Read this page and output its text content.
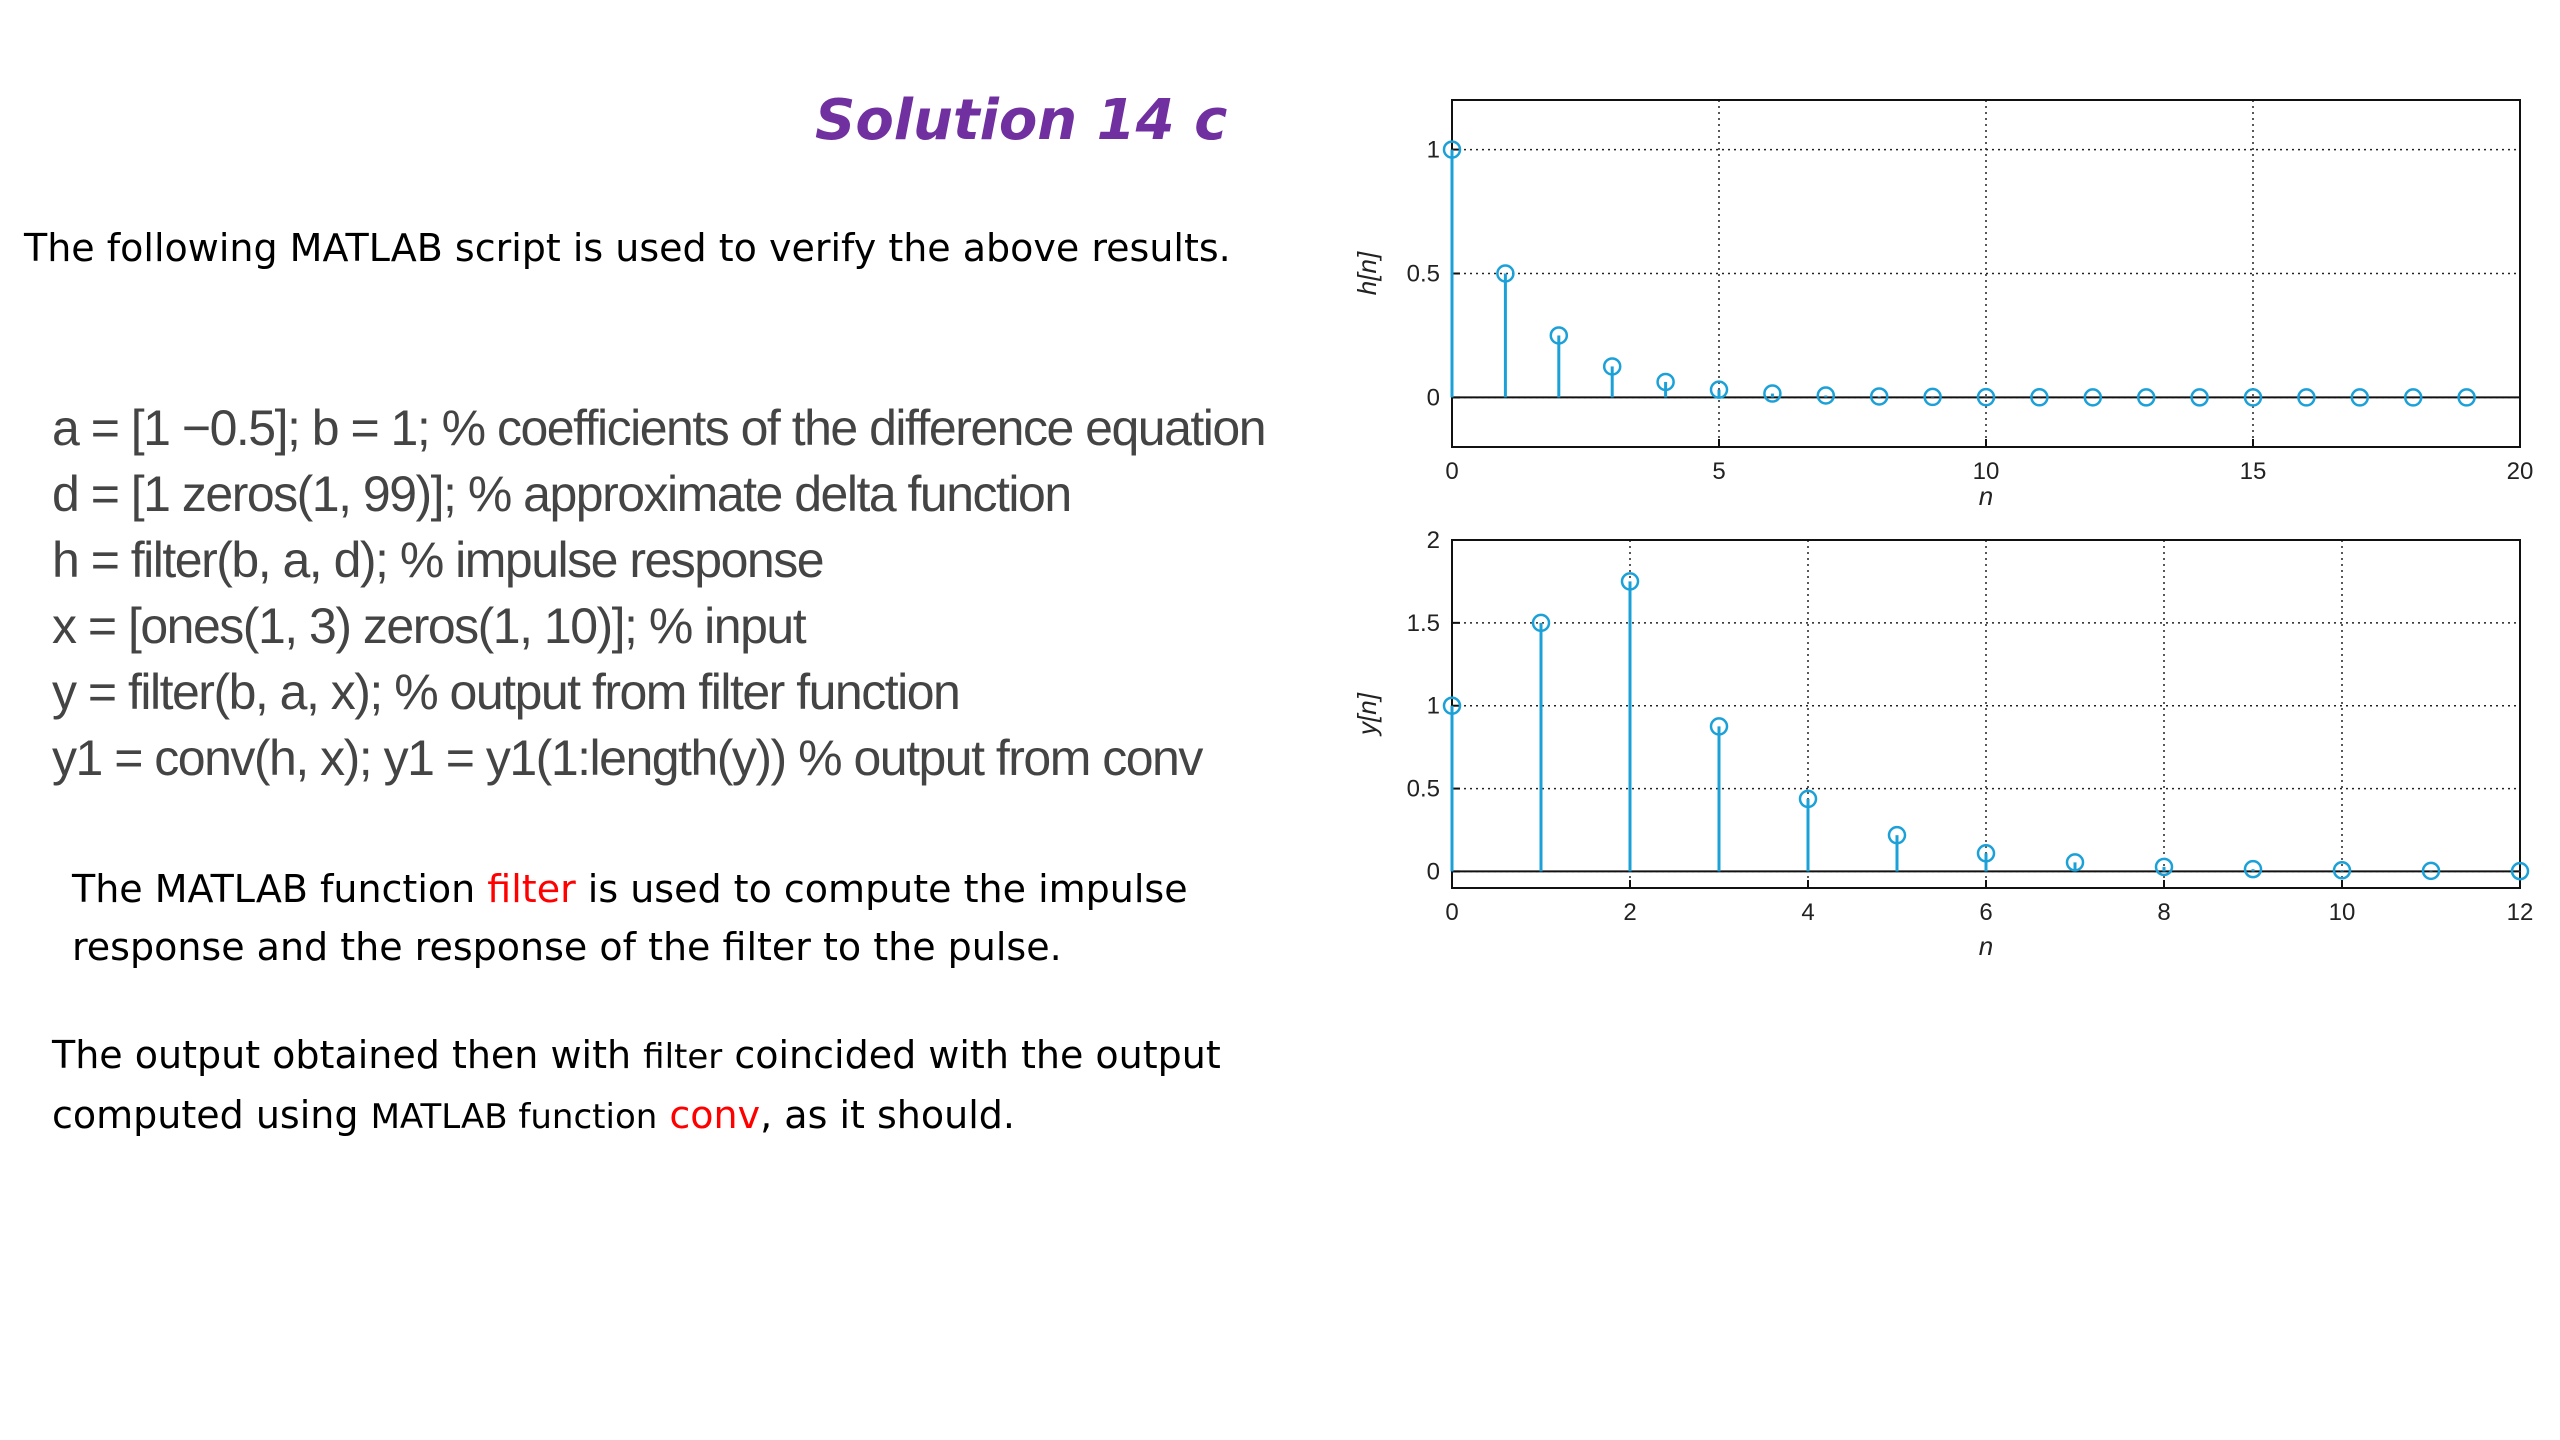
Solution 14 c
The following MATLAB script is used to verify the above results.
a = [1 −0.5]; b = 1; % coefficients of the difference equation
d = [1 zeros(1, 99)]; % approximate delta function
h = filter(b, a, d); % impulse response
x = [ones(1, 3) zeros(1, 10)]; % input
y = filter(b, a, x); % output from filter function
y1 = conv(h, x); y1 = y1(1:length(y)) % output from conv
The MATLAB function filter is used to compute the impulse
response and the response of the filter to the pulse.
The output obtained then with filter coincided with the output
computed using MATLAB function conv, as it should.
0	5	10	15	20
0
0.5
1
n
h[n]
0	2	4	6	8	10	12
0
0.5
1
1.5
2
n
y[n]
